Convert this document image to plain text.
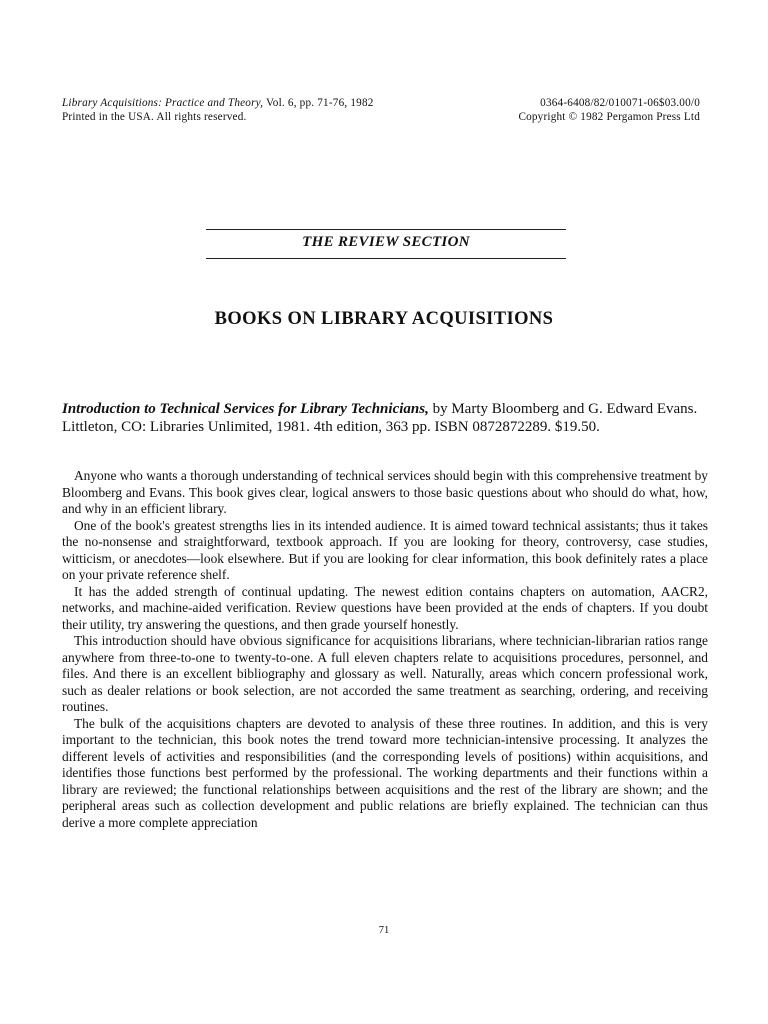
Library Acquisitions: Practice and Theory, Vol. 6, pp. 71-76, 1982
Printed in the USA. All rights reserved.
0364-6408/82/010071-06$03.00/0
Copyright © 1982 Pergamon Press Ltd
THE REVIEW SECTION
BOOKS ON LIBRARY ACQUISITIONS
Introduction to Technical Services for Library Technicians, by Marty Bloomberg and G. Edward Evans. Littleton, CO: Libraries Unlimited, 1981. 4th edition, 363 pp. ISBN 0872872289. $19.50.

Anyone who wants a thorough understanding of technical services should begin with this comprehensive treatment by Bloomberg and Evans. This book gives clear, logical answers to those basic questions about who should do what, how, and why in an efficient library.

One of the book's greatest strengths lies in its intended audience. It is aimed toward technical assistants; thus it takes the no-nonsense and straightforward, textbook approach. If you are looking for theory, controversy, case studies, witticism, or anecdotes—look elsewhere. But if you are looking for clear information, this book definitely rates a place on your private reference shelf.

It has the added strength of continual updating. The newest edition contains chapters on automation, AACR2, networks, and machine-aided verification. Review questions have been provided at the ends of chapters. If you doubt their utility, try answering the questions, and then grade yourself honestly.

This introduction should have obvious significance for acquisitions librarians, where technician-librarian ratios range anywhere from three-to-one to twenty-to-one. A full eleven chapters relate to acquisitions procedures, personnel, and files. And there is an excellent bibliography and glossary as well. Naturally, areas which concern professional work, such as dealer relations or book selection, are not accorded the same treatment as searching, ordering, and receiving routines.

The bulk of the acquisitions chapters are devoted to analysis of these three routines. In addition, and this is very important to the technician, this book notes the trend toward more technician-intensive processing. It analyzes the different levels of activities and responsibilities (and the corresponding levels of positions) within acquisitions, and identifies those functions best performed by the professional. The working departments and their functions within a library are reviewed; the functional relationships between acquisitions and the rest of the library are shown; and the peripheral areas such as collection development and public relations are briefly explained. The technician can thus derive a more complete appreciation

71
